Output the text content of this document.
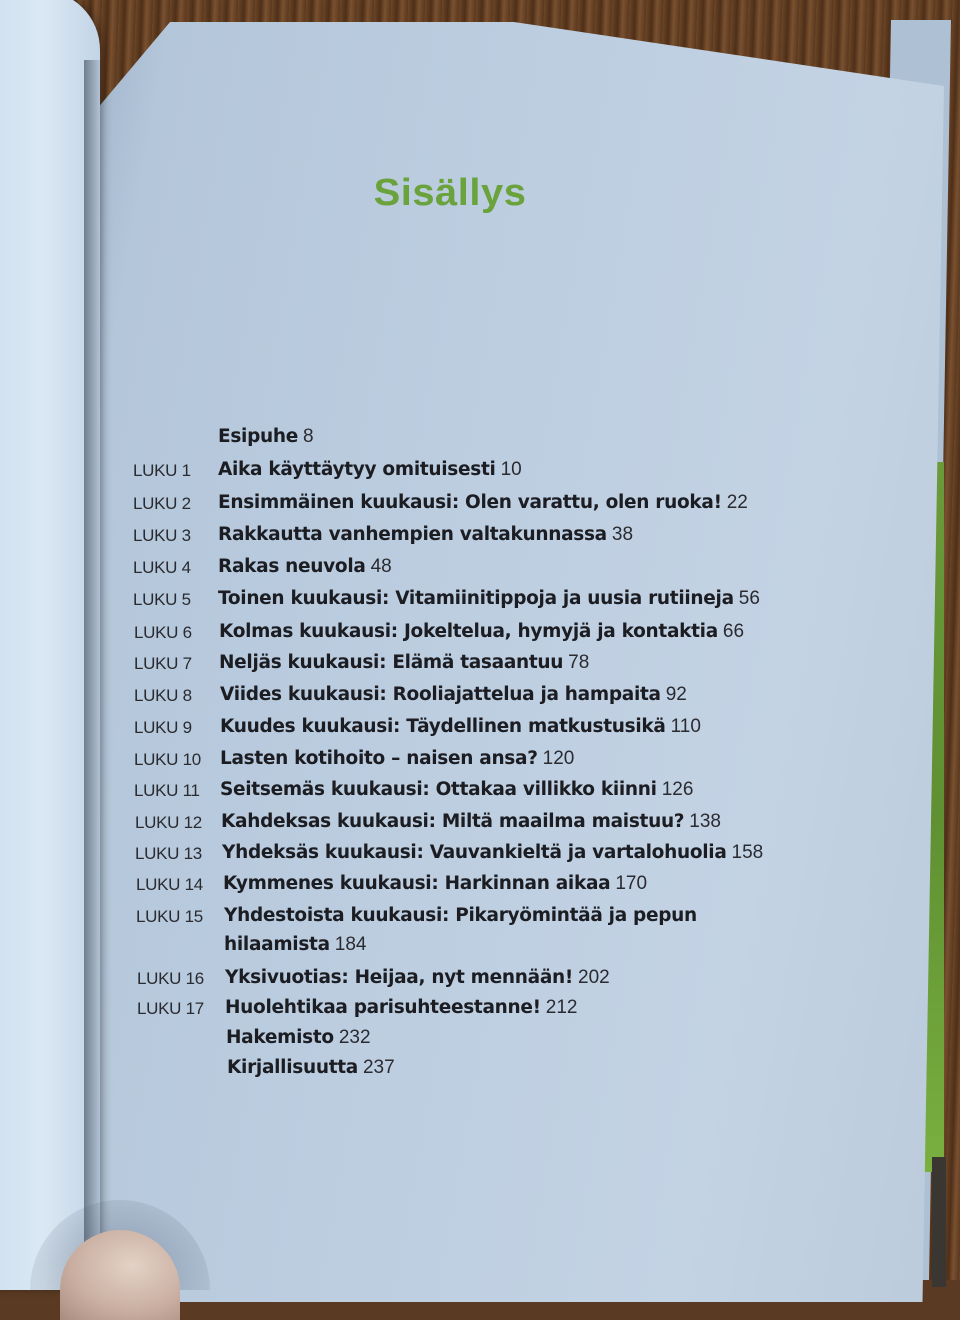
Sisällys
Esipuhe 8
LUKU 1 Aika käyttäytyy omituisesti 10
LUKU 2 Ensimmäinen kuukausi: Olen varattu, olen ruoka! 22
LUKU 3 Rakkautta vanhempien valtakunnassa 38
LUKU 4 Rakas neuvola 48
LUKU 5 Toinen kuukausi: Vitamiinitippoja ja uusia rutiineja 56
LUKU 6 Kolmas kuukausi: Jokeltelua, hymyjä ja kontaktia 66
LUKU 7 Neljäs kuukausi: Elämä tasaantuu 78
LUKU 8 Viides kuukausi: Rooliajattelua ja hampaita 92
LUKU 9 Kuudes kuukausi: Täydellinen matkustusikä 110
LUKU 10 Lasten kotihoito – naisen ansa? 120
LUKU 11 Seitsemäs kuukausi: Ottakaa villikko kiinni 126
LUKU 12 Kahdeksas kuukausi: Miltä maailma maistuu? 138
LUKU 13 Yhdeksäs kuukausi: Vauvankieltä ja vartalohuolia 158
LUKU 14 Kymmenes kuukausi: Harkinnan aikaa 170
LUKU 15 Yhdestoista kuukausi: Pikaryömintää ja pepun
hilaamista 184
LUKU 16 Yksivuotias: Heijaa, nyt mennään! 202
LUKU 17 Huolehtikaa parisuhteestanne! 212
Hakemisto 232
Kirjallisuutta 237
